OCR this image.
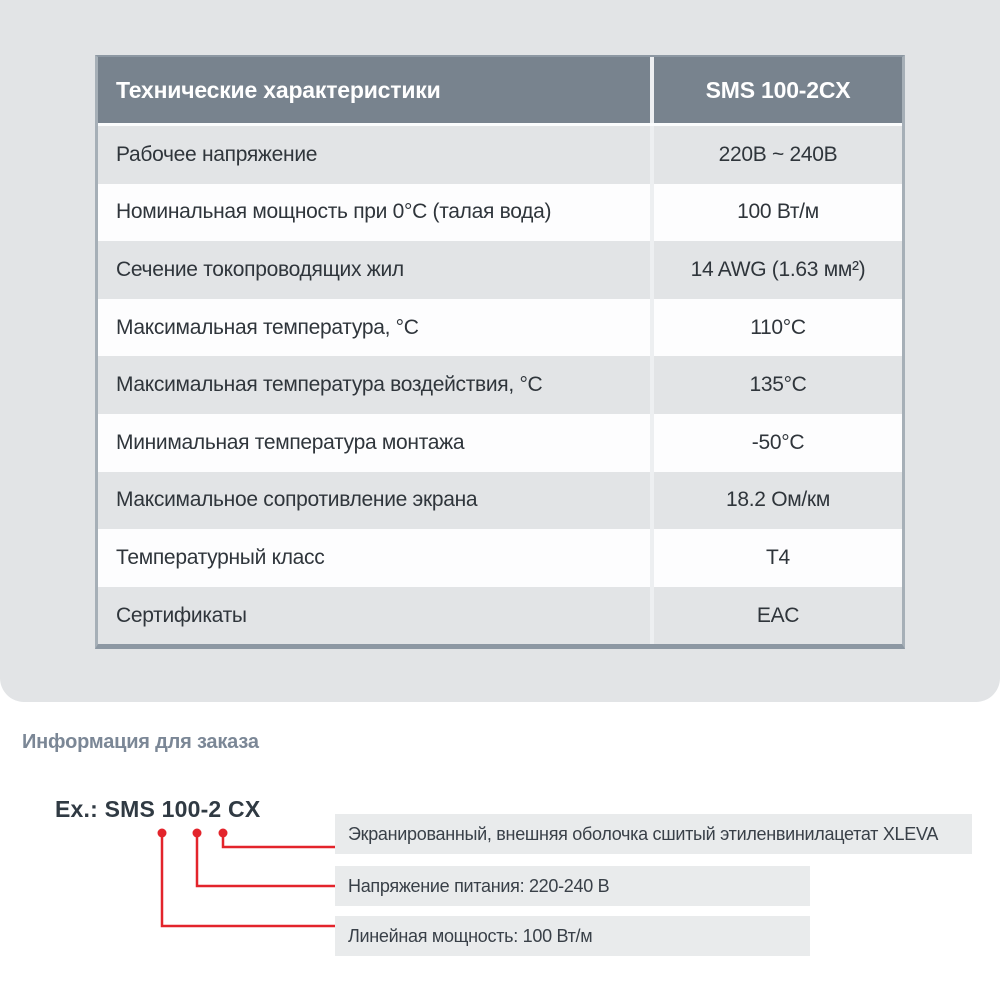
Технические характеристики	SMS 100-2CX
Рабочее напряжение	220В ~ 240В
Номинальная мощность при 0°С (талая вода)	100 Вт/м
Сечение токопроводящих жил	14 AWG (1.63 мм²)
Максимальная температура, °С	110°С
Максимальная температура воздействия, °С	135°С
Минимальная температура монтажа	-50°С
Максимальное сопротивление экрана	18.2 Ом/км
Температурный класс	Т4
Сертификаты	EAC
Информация для заказа
Ex.: SMS 100-2 CX
Экранированный, внешняя оболочка сшитый этиленвинилацетат XLEVA
Напряжение питания: 220-240 В
Линейная мощность: 100 Вт/м
